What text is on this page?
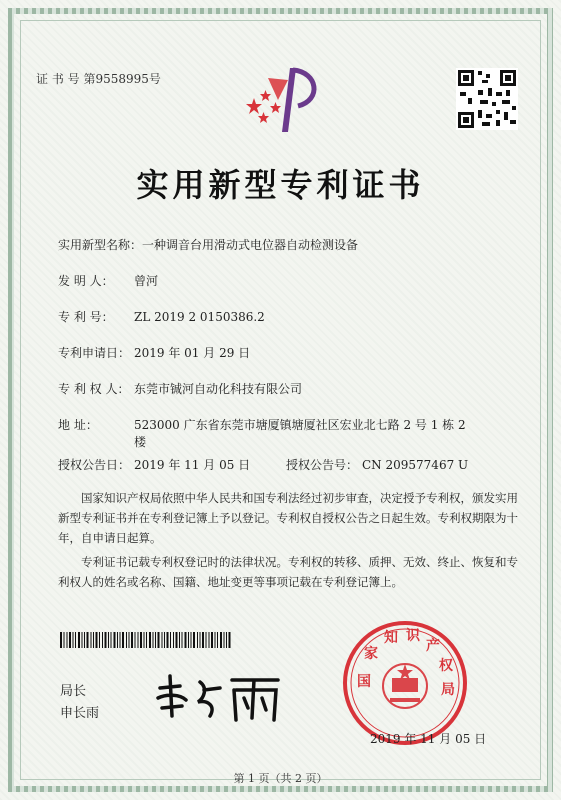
证 书 号 第9558995号
实用新型专利证书
实用新型名称：一种调音台用滑动式电位器自动检测设备
发 明 人： 曾河
专 利 号： ZL 2019 2 0150386.2
专利申请日： 2019 年 01 月 29 日
专 利 权 人： 东莞市铖河自动化科技有限公司
地 址：	523000 广东省东莞市塘厦镇塘厦社区宏业北七路 2 号 1 栋 2
楼
授权公告日： 2019 年 11 月 05 日	授权公告号： CN 209577467 U
国家知识产权局依照中华人民共和国专利法经过初步审查，决定授予专利权，颁发实用新型专利证书并在专利登记簿上予以登记。专利权自授权公告之日起生效。专利权期限为十年，自申请日起算。
专利证书记载专利权登记时的法律状况。专利权的转移、质押、无效、终止、恢复和专利权人的姓名或名称、国籍、地址变更等事项记载在专利登记簿上。
局长
申长雨
国
家
知 识
产
权
局
2019 年 11 月 05 日
第 1 页（共 2 页）
